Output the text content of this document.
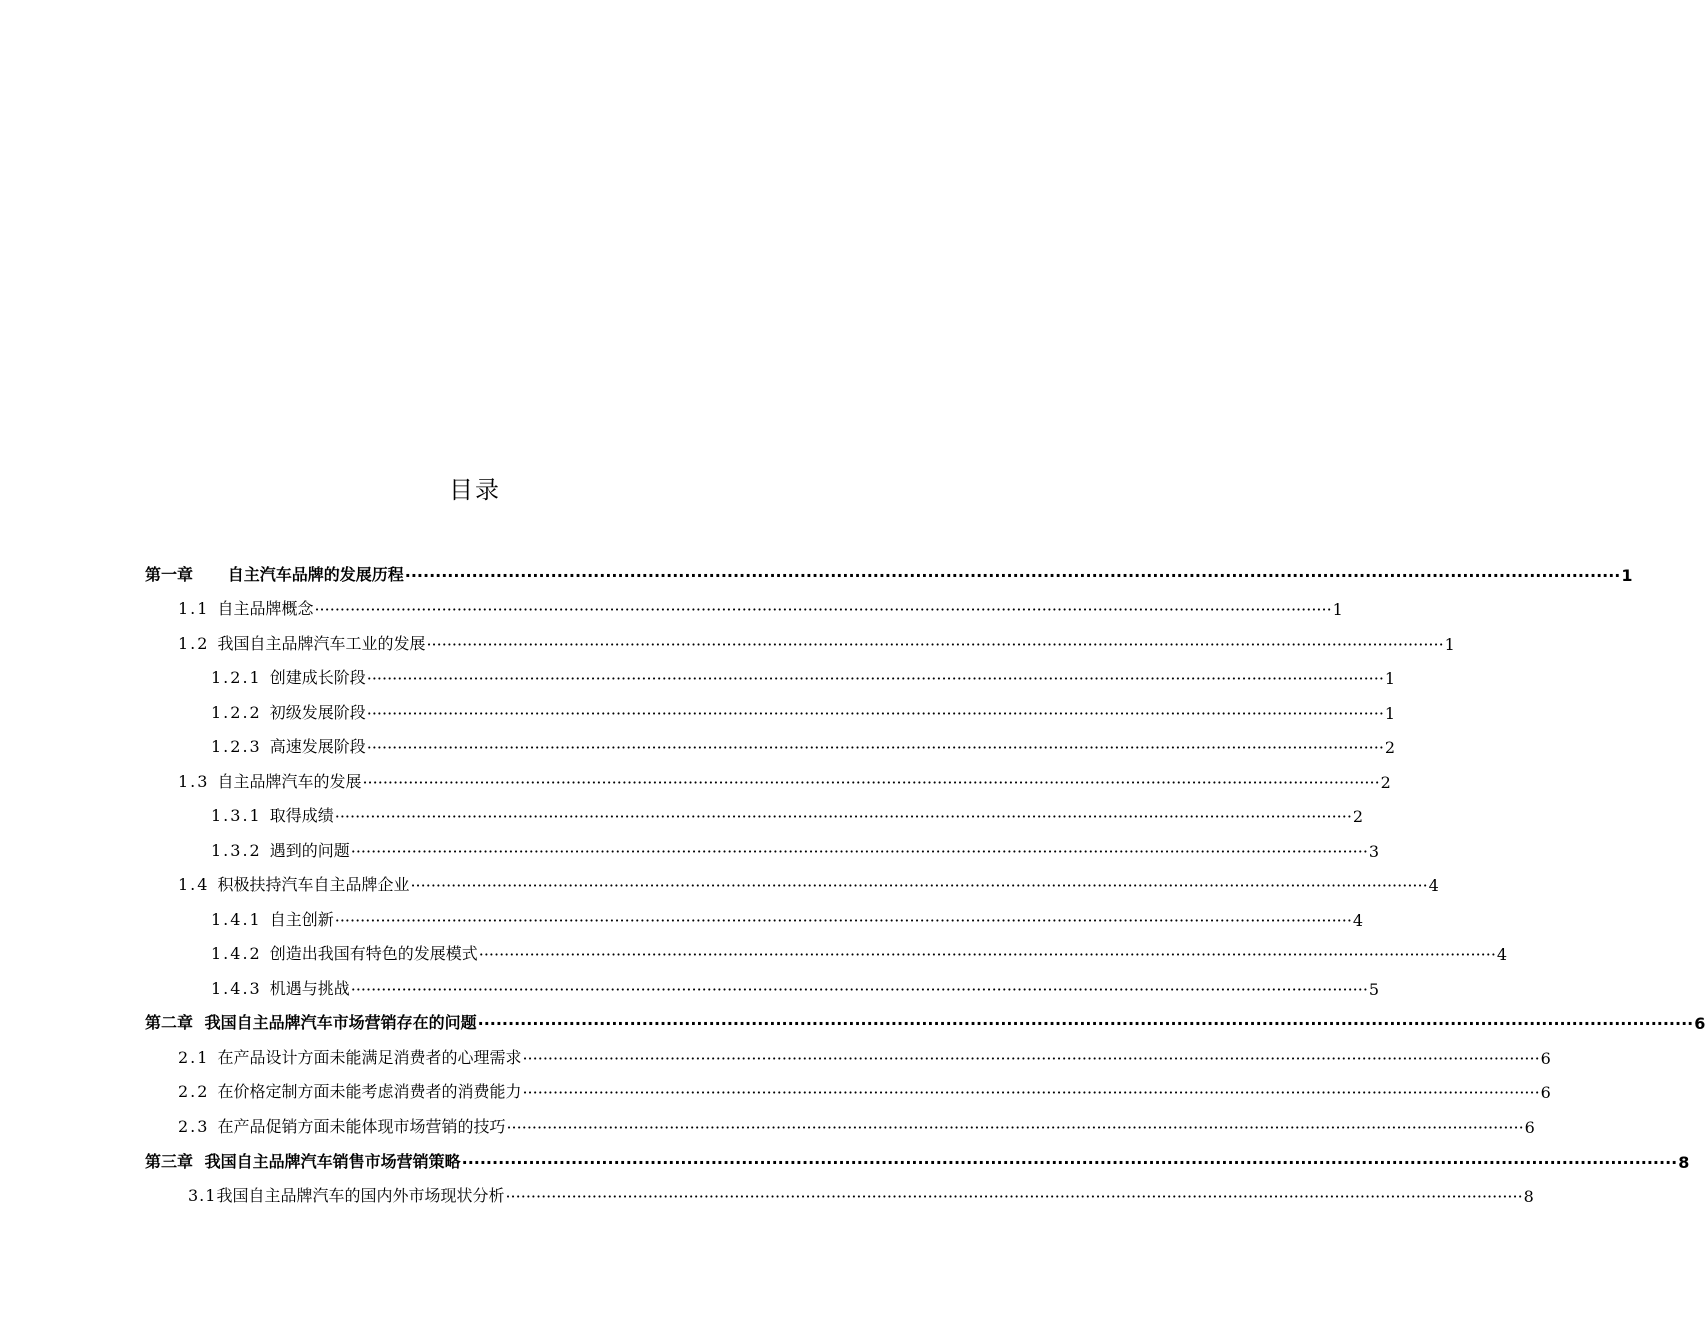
目录
第一章 自主汽车品牌的发展历程 ········································································································································································································ 1
1.1 自主品牌概念 ········································································································································································································ 1
1.2 我国自主品牌汽车工业的发展 ········································································································································································································ 1
1.2.1 创建成长阶段 ········································································································································································································ 1
1.2.2 初级发展阶段 ········································································································································································································ 1
1.2.3 高速发展阶段 ········································································································································································································ 2
1.3 自主品牌汽车的发展 ········································································································································································································ 2
1.3.1 取得成绩 ········································································································································································································ 2
1.3.2 遇到的问题 ········································································································································································································ 3
1.4 积极扶持汽车自主品牌企业 ········································································································································································································ 4
1.4.1 自主创新 ········································································································································································································ 4
1.4.2 创造出我国有特色的发展模式 ········································································································································································································ 4
1.4.3 机遇与挑战 ········································································································································································································ 5
第二章 我国自主品牌汽车市场营销存在的问题 ········································································································································································································ 6
2.1 在产品设计方面未能满足消费者的心理需求 ········································································································································································································ 6
2.2 在价格定制方面未能考虑消费者的消费能力 ········································································································································································································ 6
2.3 在产品促销方面未能体现市场营销的技巧 ········································································································································································································ 6
第三章 我国自主品牌汽车销售市场营销策略 ········································································································································································································ 8
3.1我国自主品牌汽车的国内外市场现状分析 ········································································································································································································ 8
